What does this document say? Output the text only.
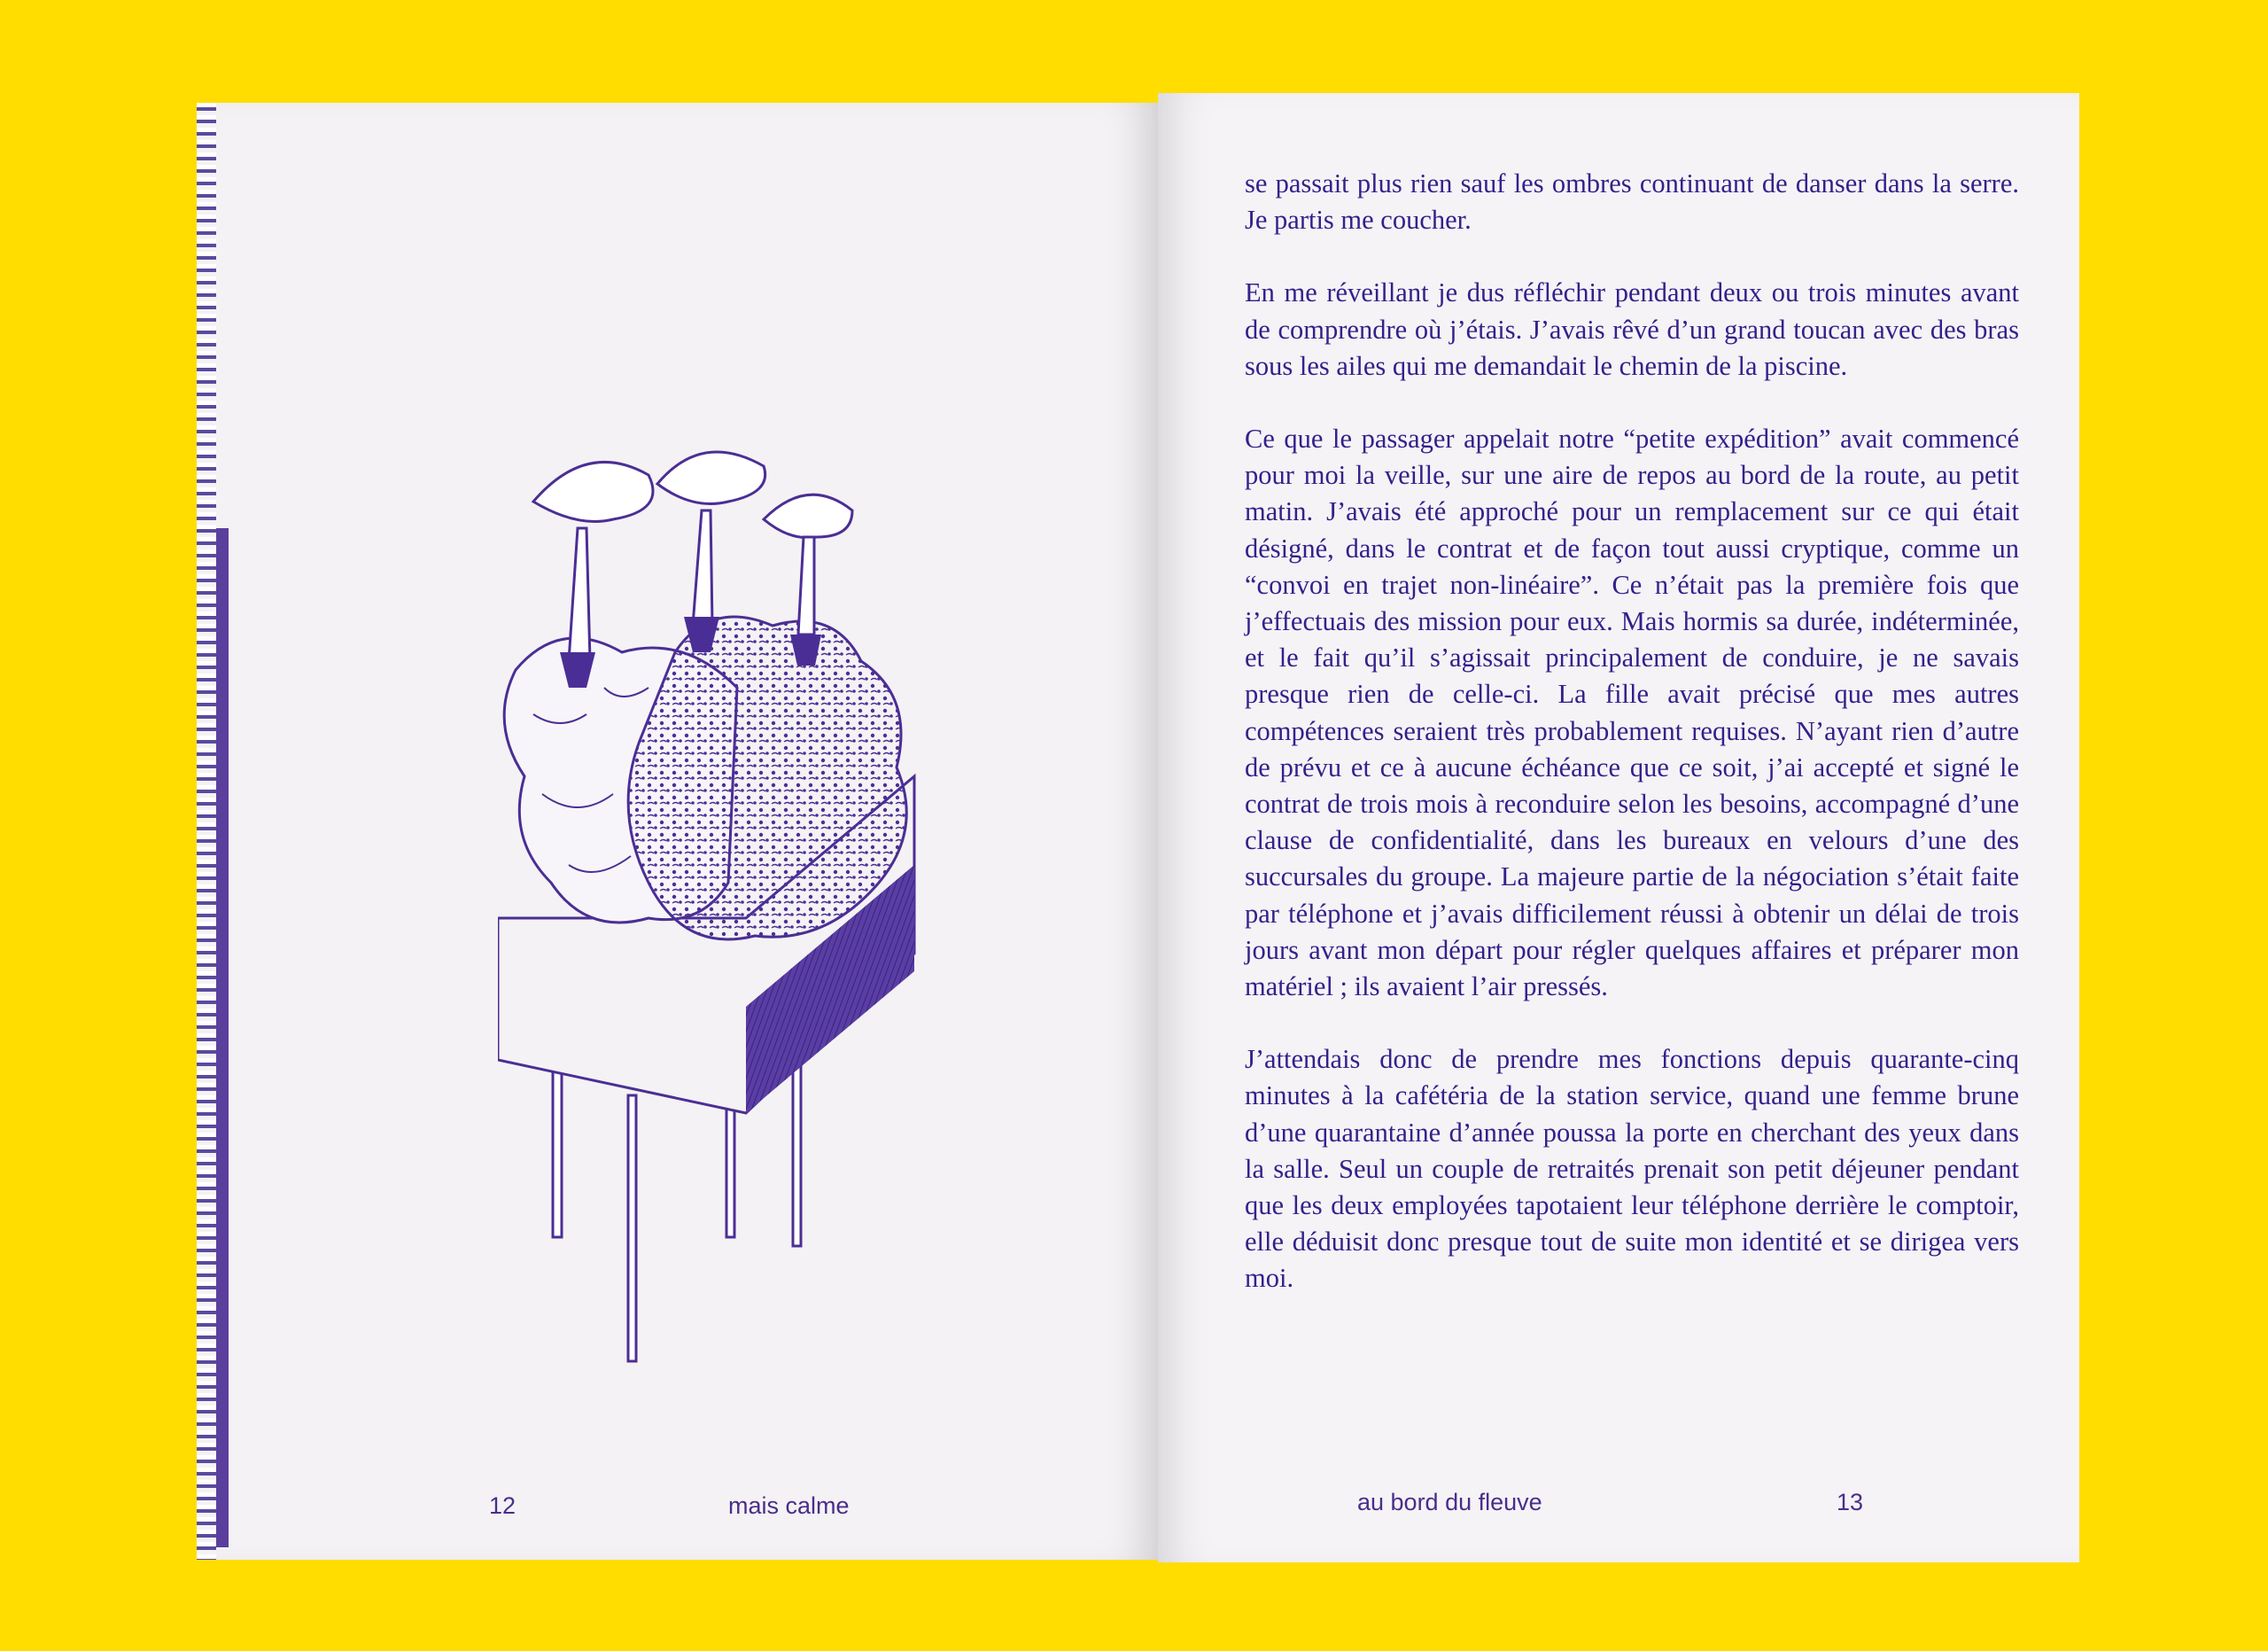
12	mais calme

se passait plus rien sauf les ombres continuant de danser dans la serre. Je partis me coucher.

En me réveillant je dus réfléchir pendant deux ou trois minutes avant de comprendre où j’étais. J’avais rêvé d’un grand toucan avec des bras sous les ailes qui me demandait le chemin de la piscine.

Ce que le passager appelait notre “petite expédition” avait commencé pour moi la veille, sur une aire de repos au bord de la route, au petit matin. J’avais été approché pour un remplacement sur ce qui était désigné, dans le contrat et de façon tout aussi cryptique, comme un “convoi en trajet non-linéaire”. Ce n’était pas la première fois que j’effectuais des mission pour eux. Mais hormis sa durée, indéterminée, et le fait qu’il s’agissait principalement de conduire, je ne savais presque rien de celle-ci. La fille avait précisé que mes autres compétences seraient très probablement requises. N’ayant rien d’autre de prévu et ce à aucune échéance que ce soit, j’ai accepté et signé le contrat de trois mois à reconduire selon les besoins, accompagné d’une clause de confidentialité, dans les bureaux en velours d’une des succursales du groupe. La majeure partie de la négociation s’était faite par téléphone et j’avais difficilement réussi à obtenir un délai de trois jours avant mon départ pour régler quelques affaires et préparer mon matériel ; ils avaient l’air pressés.

J’attendais donc de prendre mes fonctions depuis quarante-cinq minutes à la cafétéria de la station service, quand une femme brune d’une quarantaine d’année poussa la porte en cherchant des yeux dans la salle. Seul un couple de retraités prenait son petit déjeuner pendant que les deux employées tapotaient leur téléphone derrière le comptoir, elle déduisit donc presque tout de suite mon identité et se dirigea vers moi.

au bord du fleuve	13
